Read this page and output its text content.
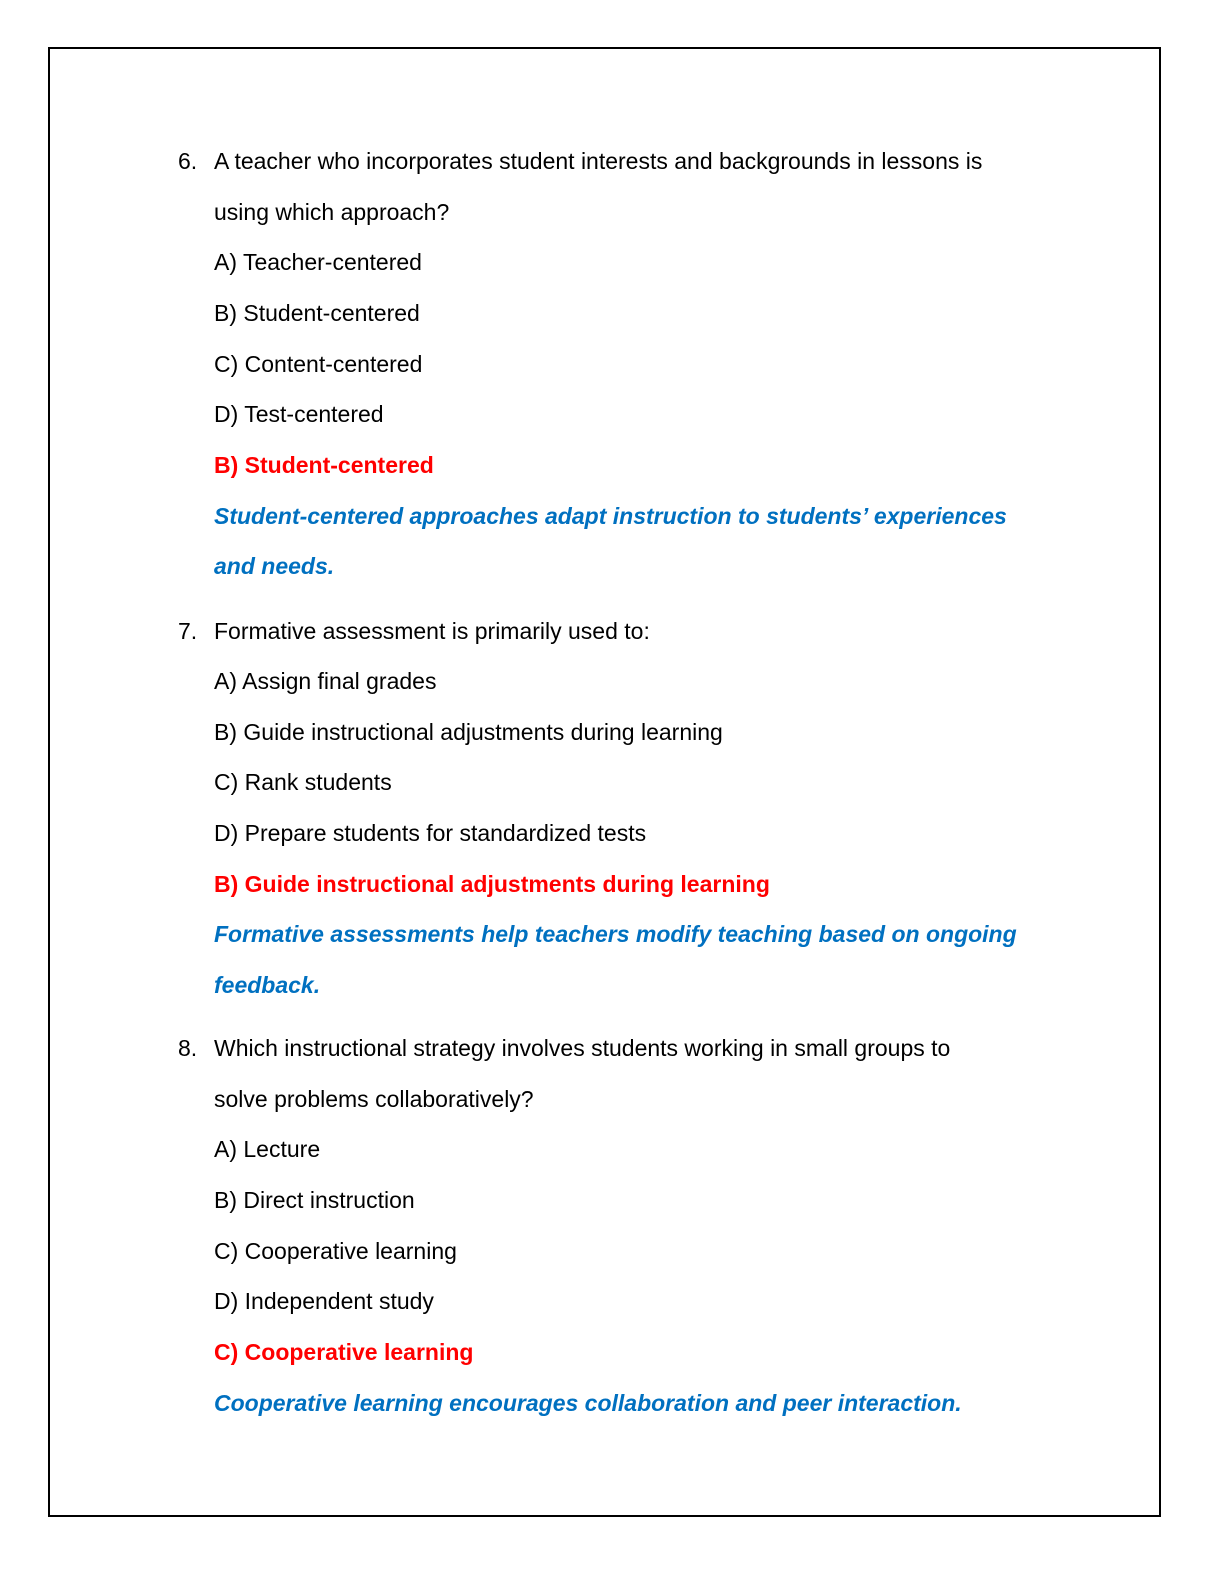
6. A teacher who incorporates student interests and backgrounds in lessons is
using which approach?
A) Teacher-centered
B) Student-centered
C) Content-centered
D) Test-centered
B) Student-centered
Student-centered approaches adapt instruction to students’ experiences
and needs.
7. Formative assessment is primarily used to:
A) Assign final grades
B) Guide instructional adjustments during learning
C) Rank students
D) Prepare students for standardized tests
B) Guide instructional adjustments during learning
Formative assessments help teachers modify teaching based on ongoing
feedback.
8. Which instructional strategy involves students working in small groups to
solve problems collaboratively?
A) Lecture
B) Direct instruction
C) Cooperative learning
D) Independent study
C) Cooperative learning
Cooperative learning encourages collaboration and peer interaction.
